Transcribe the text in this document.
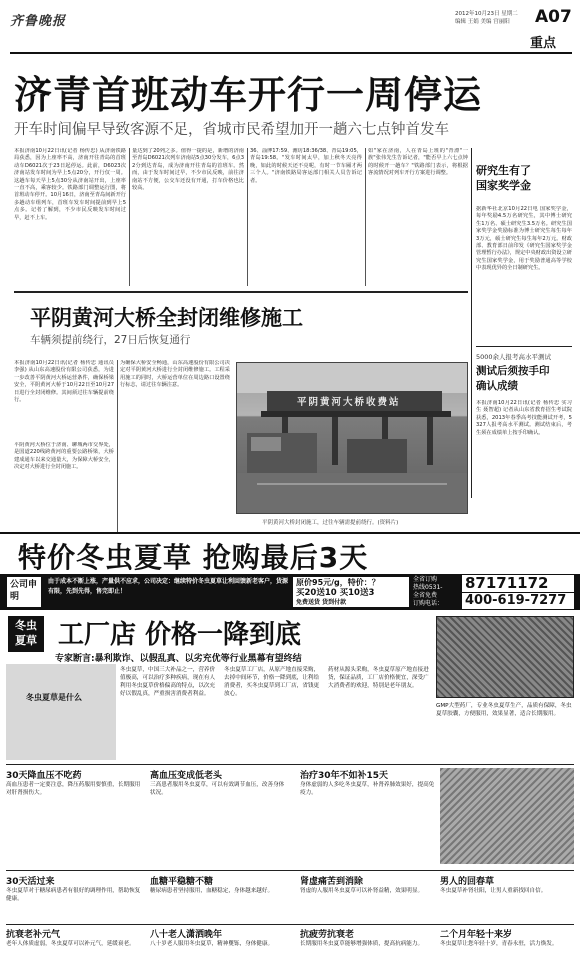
齐鲁晚报	2012年10月23日 星期二
编辑 王娟 美编 宫丽阳 A07
重点
济青首班动车开行一周停运
开车时间偏早导致客源不足，省城市民希望加开一趟六七点钟首发车
本报济南10月22日讯(记者 杨传忠) 从济南铁路局获悉，因为上座率不高，济南开往青岛的首班动车D6021次于23日起停运。此前，D6023次济南站发车时间为早上5点20分，开行仅一周。这趟车每天早上5点30分从济南站开出，上座率一直不高，乘客较少。铁路部门调整运行图，将首班动车停开。10月16日，济南至青岛间新开行多趟动车组列车，首班车发车时间提前到早上5点多。记者了解到，不少市民反映发车时间过早，赶不上车。
量达到了20列之多。值得一提的是，新增的济南至青岛D6021次列车济南站5点30分发车，6点32分到达青岛，成为济南开往青岛的首班车。然而，由于发车时间过早，不少市民反映，前往济南站不方便，公交车还没有开通，打车价格也比较高。
36、淄博17:59、潍坊18:36/38、青岛19:05，青岛19:58。"发车时间太早，加上秋冬天亮得晚，如此的时候天还不亮呢，有时一节车厢才两三个人。"济南铁路局客运部门相关人员告诉记者。
如"家在济南，人在青岛上班的"青漂"一族"张伟先生告诉记者，"能否早上六七点钟的时候开一趟车？"铁路部门表示，将根据客流情况对列车开行方案进行调整。	研究生有了
国家奖学金
据新华社北京10月22日电 国家奖学金，每年奖励4.5万名研究生，其中博士研究生1万名、硕士研究生3.5万名。研究生国家奖学金奖励标准为博士研究生每生每年3万元，硕士研究生每生每年2万元。财政部、教育部日前印发《研究生国家奖学金管理暂行办法》，规定中央财政出资设立研究生国家奖学金，用于奖励普通高等学校中表现优异的全日制研究生。
5000余人报考高水平测试
测试后须按手印
确认成绩
本报济南10月22日讯(记者 杨传忠 实习生 聂智超) 记者从山东省教育招生考试院获悉，2013年春季高考技能测试开考，5327人报考高水平测试。测试结束后，考生须在成绩单上按手印确认。
平阴黄河大桥全封闭维修施工
车辆须提前绕行，27日后恢复通行
本报济南10月22日讯(记者 杨传忠 通讯员 李强) 从山东高速股份有限公司获悉，为进一步改善平阴黄河大桥运营条件，确保桥梁安全，平阴黄河大桥于10月22日至10月27日进行全封闭维修。其间须过往车辆提前绕行。
平阴黄河大桥位于济南、聊城两市交界处，是国道220线跨黄河的重要公路桥梁，大桥建成通车以来交通量大，为保障大桥安全，决定对大桥进行全封闭施工。
为确保大桥安全畅通，山东高速股份有限公司决定对平阴黄河大桥进行全封闭维修施工。工程采用施工的同时，大桥运营单位在周边路口设置绕行标志，请过往车辆注意。
平阴黄河大桥收费站
平阴黄河大桥封闭施工，过往车辆需提前绕行。(资料片)
特价冬虫夏草 抢购最后3天
公司申明
由于成本不断上涨，产量供不应求，公司决定：继续特价冬虫夏草让利回馈新老客户，货源有限，先到先得，售完即止！
原价95元/g，特价：？
买20送10 买10送3
免费送货 货到付款
全省订购
热线0531-
全省免费
订购电话：
87171172
400-619-7277
冬虫夏草 工厂店 价格一降到底
专家断言:暴利欺诈、以假乱真、以劣充优等行业黑幕有望终结
冬虫夏草是什么
冬虫夏草，中国三大补品之一，营养价值极高，可以治疗多种疾病，现在有人利用冬虫夏草价格偏高的特点，以次充好以假乱真，严重损害消费者利益。
冬虫夏草工厂店，从原产地直接采购，去掉中间环节，价格一降到底，让利给消费者，买冬虫夏草到工厂店，省钱更放心。
药材从源头采购，冬虫夏草原产地直接进货，保证品质，工厂店价格便宜，深受广大消费者的欢迎，特别是老年朋友。
GMP大型药厂，专业冬虫夏草生产，品质有保障，冬虫夏草胶囊，方便服用，效果显著，适合长期服用。
30天降血压不吃药
高血压患者一定要注意，降压药服用要慎重，长期服用对肝肾损伤大。
高血压变成低老头
三高患者服用冬虫夏草，可以有效调节血压，改善身体状况。
治疗30年不如补15天
身体虚弱的人多吃冬虫夏草，补肾养肺效果好，提高免疫力。
30天活过来
冬虫夏草对于糖尿病患者有很好的调理作用，帮助恢复健康。
血糖平稳糖不糖
糖尿病患者坚持服用，血糖稳定，身体越来越好。
肾虚痛苦到消除
肾虚的人服用冬虫夏草可以补肾益精，效果明显。
男人的回春草
冬虫夏草补肾壮阳，让男人重新找回自信。
抗衰老补元气
老年人体质虚弱，冬虫夏草可以补元气，延缓衰老。
八十老人潇洒晚年
八十岁老人服用冬虫夏草，精神矍铄，身体健康。
抗疲劳抗衰老
长期服用冬虫夏草能够增强体质，提高抗病能力。
二个月年轻十来岁
冬虫夏草让您年轻十岁，青春永驻，活力焕发。
